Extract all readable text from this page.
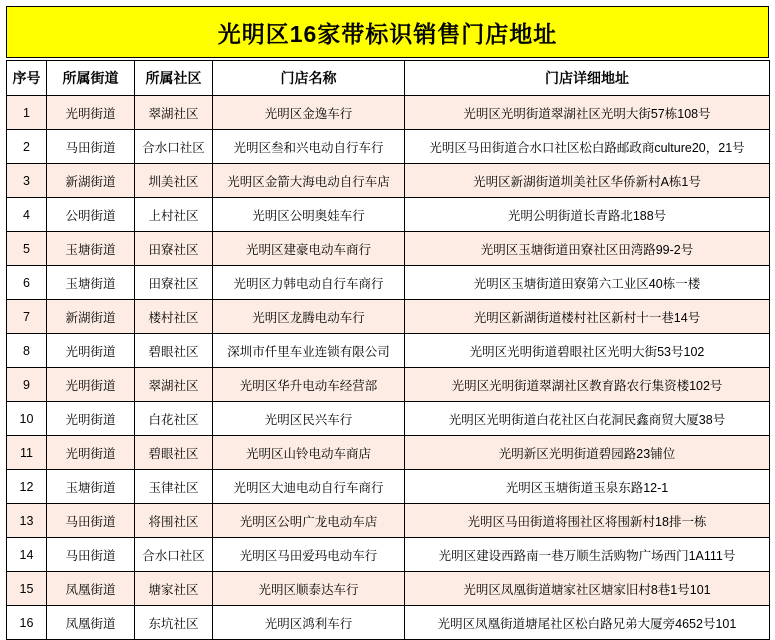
光明区16家带标识销售门店地址
序号	所属街道	所属社区	门店名称	门店详细地址
1	光明街道	翠湖社区	光明区金逸车行	光明区光明街道翠湖社区光明大街57栋108号
2	马田街道	合水口社区	光明区叁和兴电动自行车行	光明区马田街道合水口社区松白路邮政商culture20，21号
3	新湖街道	圳美社区	光明区金箭大海电动自行车店	光明区新湖街道圳美社区华侨新村A栋1号
4	公明街道	上村社区	光明区公明奥娃车行	光明公明街道长青路北188号
5	玉塘街道	田寮社区	光明区建豪电动车商行	光明区玉塘街道田寮社区田湾路99-2号
6	玉塘街道	田寮社区	光明区力韩电动自行车商行	光明区玉塘街道田寮第六工业区40栋一楼
7	新湖街道	楼村社区	光明区龙腾电动车行	光明区新湖街道楼村社区新村十一巷14号
8	光明街道	碧眼社区	深圳市仟里车业连锁有限公司	光明区光明街道碧眼社区光明大街53号102
9	光明街道	翠湖社区	光明区华升电动车经营部	光明区光明街道翠湖社区教育路农行集资楼102号
10	光明街道	白花社区	光明区民兴车行	光明区光明街道白花社区白花洞民鑫商贸大厦38号
11	光明街道	碧眼社区	光明区山铃电动车商店	光明新区光明街道碧园路23铺位
12	玉塘街道	玉律社区	光明区大迪电动自行车商行	光明区玉塘街道玉泉东路12-1
13	马田街道	将围社区	光明区公明广龙电动车店	光明区马田街道将围社区将围新村18排一栋
14	马田街道	合水口社区	光明区马田爱玛电动车行	光明区建设西路南一巷万顺生活购物广场西门1A111号
15	凤凰街道	塘家社区	光明区顺泰达车行	光明区凤凰街道塘家社区塘家旧村8巷1号101
16	凤凰街道	东坑社区	光明区鸿利车行	光明区凤凰街道塘尾社区松白路兄弟大厦旁4652号101
